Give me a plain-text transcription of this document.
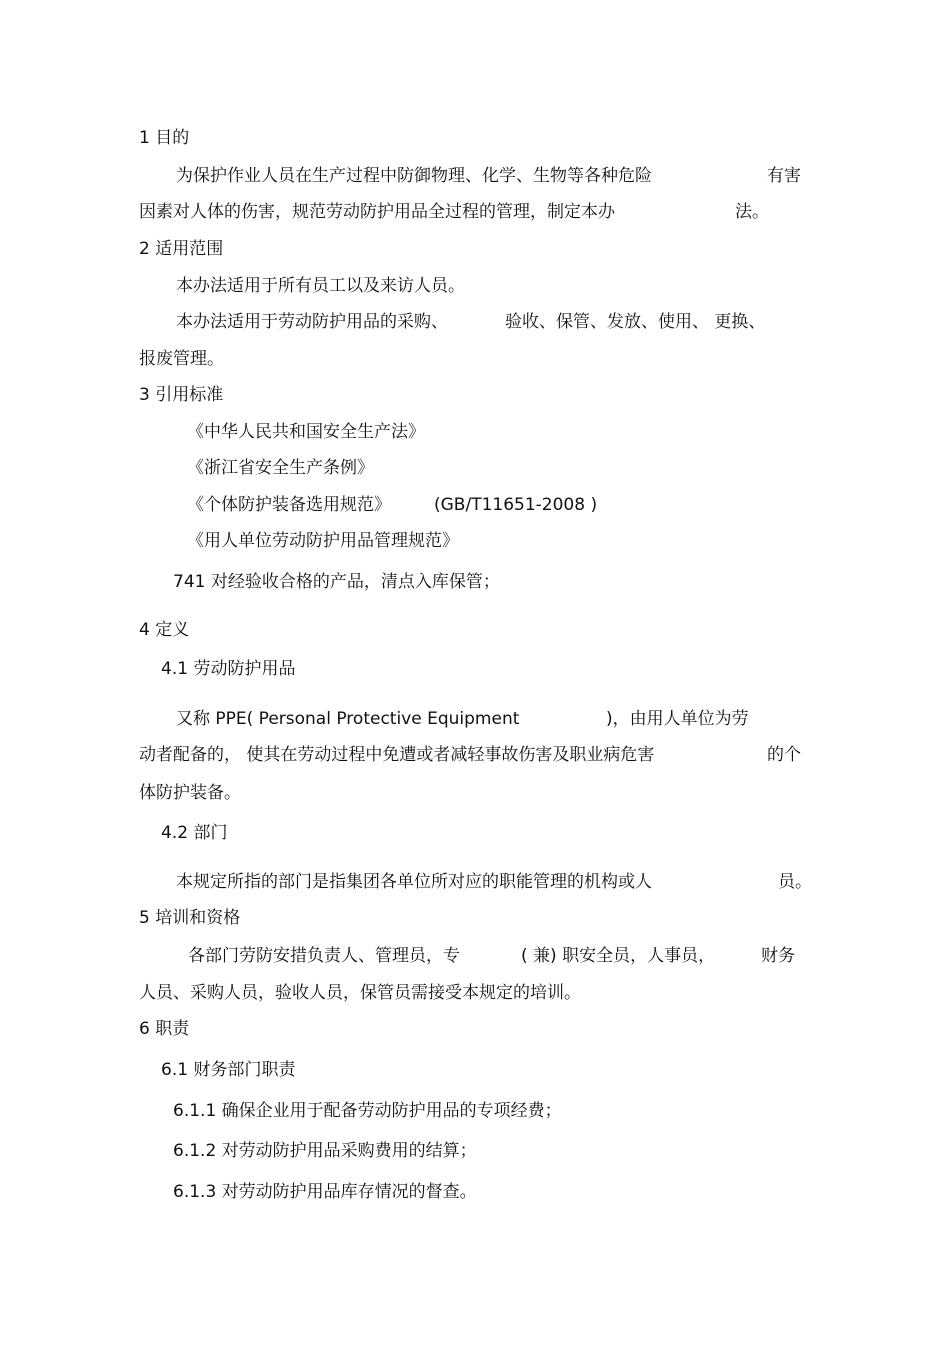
1 目的

为保护作业人员在生产过程中防御物理、化学、生物等各种危险	有害

因素对人体的伤害，规范劳动防护用品全过程的管理，制定本办	法。

2 适用范围

本办法适用于所有员工以及来访人员。

本办法适用于劳动防护用品的采购、	验收、保管、发放、使用、 更换、

报废管理。

3 引用标准

《中华人民共和国安全生产法》

《浙江省安全生产条例》

《个体防护装备选用规范》	(GB/T11651-2008 )

《用人单位劳动防护用品管理规范》

741 对经验收合格的产品，清点入库保管；

4 定义

4.1 劳动防护用品

又称 PPE( Personal Protective Equipment	)，由用人单位为劳

动者配备的， 使其在劳动过程中免遭或者减轻事故伤害及职业病危害	的个

体防护装备。

4.2 部门

本规定所指的部门是指集团各单位所对应的职能管理的机构或人	员。

5 培训和资格

各部门劳防安措负责人、管理员，专	( 兼) 职安全员，人事员，	财务

人员、采购人员，验收人员，保管员需接受本规定的培训。

6 职责

6.1 财务部门职责

6.1.1 确保企业用于配备劳动防护用品的专项经费；

6.1.2 对劳动防护用品采购费用的结算；

6.1.3 对劳动防护用品库存情况的督查。
